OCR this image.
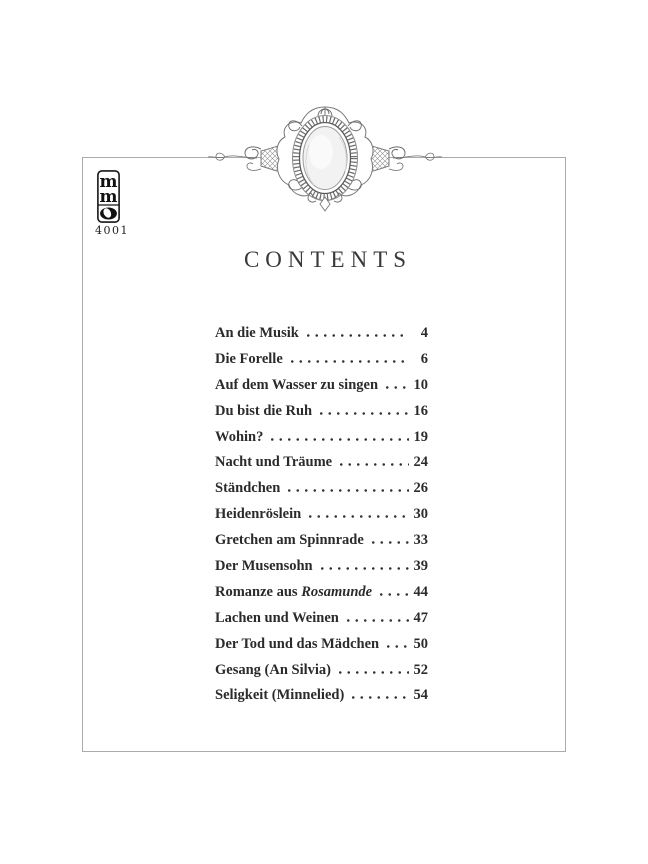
m
m
4001
CONTENTS
An die Musik	4
Die Forelle	6
Auf dem Wasser zu singen 10
Du bist die Ruh	16
Wohin?	19
Nacht und Träume	24
Ständchen	26
Heidenröslein	30
Gretchen am Spinnrade	33
Der Musensohn	39
Romanze aus Rosamunde	44
Lachen und Weinen	47
Der Tod und das Mädchen 50
Gesang (An Silvia)	52
Seligkeit (Minnelied)	54
